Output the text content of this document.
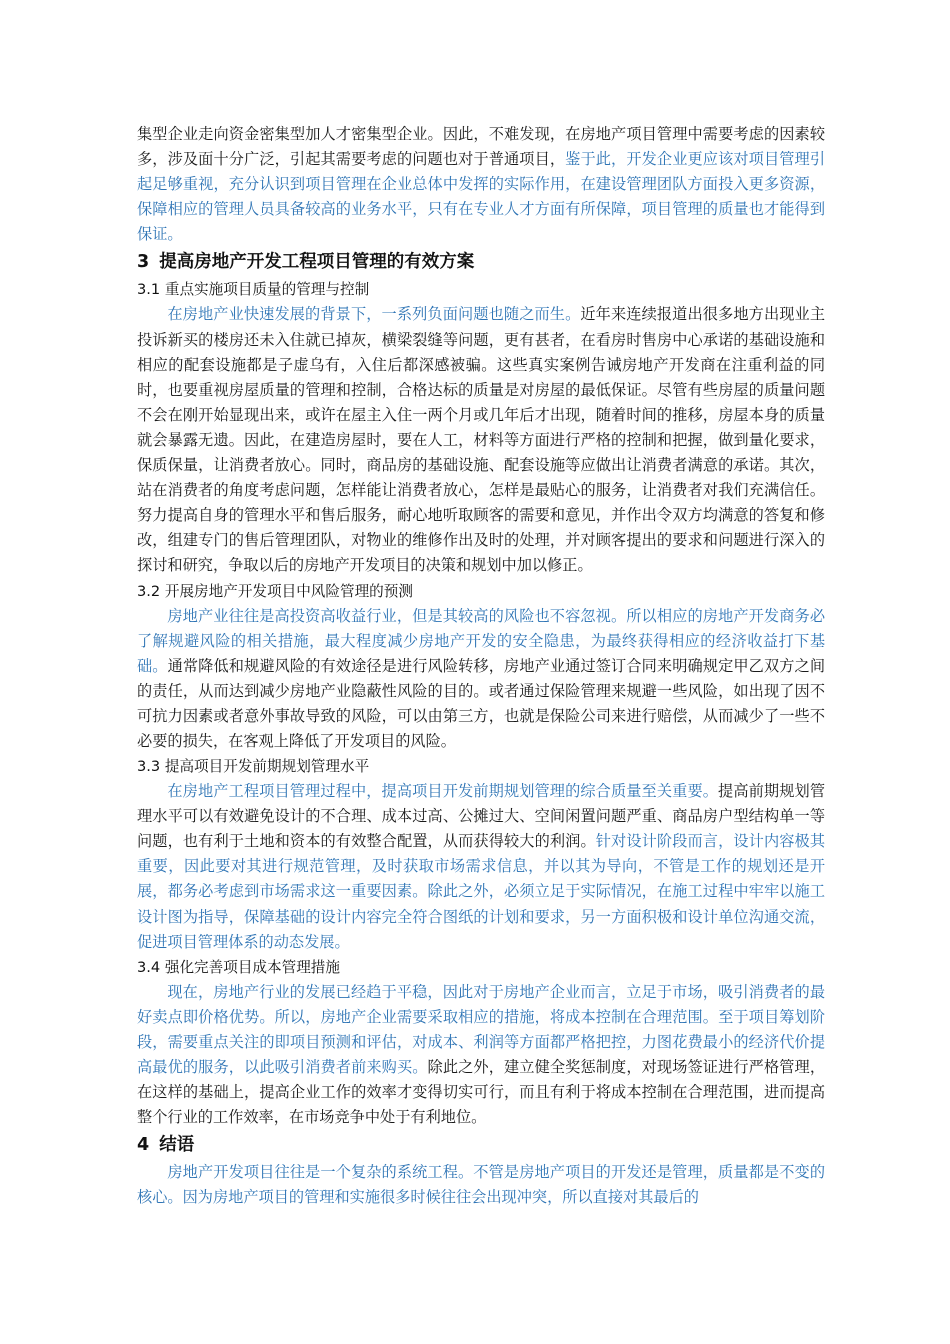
集型企业走向资金密集型加人才密集型企业。因此，不难发现，在房地产项目管理中需要考虑的因素较多，涉及面十分广泛，引起其需要考虑的问题也对于普通项目，鉴于此，开发企业更应该对项目管理引起足够重视，充分认识到项目管理在企业总体中发挥的实际作用，在建设管理团队方面投入更多资源，保障相应的管理人员具备较高的业务水平，只有在专业人才方面有所保障，项目管理的质量也才能得到保证。

3 提高房地产开发工程项目管理的有效方案
3.1 重点实施项目质量的管理与控制

在房地产业快速发展的背景下，一系列负面问题也随之而生。近年来连续报道出很多地方出现业主投诉新买的楼房还未入住就已掉灰，横梁裂缝等问题，更有甚者，在看房时售房中心承诺的基础设施和相应的配套设施都是子虚乌有，入住后都深感被骗。这些真实案例告诫房地产开发商在注重利益的同时，也要重视房屋质量的管理和控制，合格达标的质量是对房屋的最低保证。尽管有些房屋的质量问题不会在刚开始显现出来，或许在屋主入住一两个月或几年后才出现，随着时间的推移，房屋本身的质量就会暴露无遗。因此，在建造房屋时，要在人工，材料等方面进行严格的控制和把握，做到量化要求，保质保量，让消费者放心。同时，商品房的基础设施、配套设施等应做出让消费者满意的承诺。其次，站在消费者的角度考虑问题，怎样能让消费者放心，怎样是最贴心的服务，让消费者对我们充满信任。努力提高自身的管理水平和售后服务，耐心地听取顾客的需要和意见，并作出令双方均满意的答复和修改，组建专门的售后管理团队，对物业的维修作出及时的处理，并对顾客提出的要求和问题进行深入的探讨和研究，争取以后的房地产开发项目的决策和规划中加以修正。

3.2 开展房地产开发项目中风险管理的预测

房地产业往往是高投资高收益行业，但是其较高的风险也不容忽视。所以相应的房地产开发商务必了解规避风险的相关措施，最大程度减少房地产开发的安全隐患，为最终获得相应的经济收益打下基础。通常降低和规避风险的有效途径是进行风险转移，房地产业通过签订合同来明确规定甲乙双方之间的责任，从而达到减少房地产业隐蔽性风险的目的。或者通过保险管理来规避一些风险，如出现了因不可抗力因素或者意外事故导致的风险，可以由第三方，也就是保险公司来进行赔偿，从而减少了一些不必要的损失，在客观上降低了开发项目的风险。

3.3 提高项目开发前期规划管理水平

在房地产工程项目管理过程中，提高项目开发前期规划管理的综合质量至关重要。提高前期规划管理水平可以有效避免设计的不合理、成本过高、公摊过大、空间闲置问题严重、商品房户型结构单一等问题，也有利于土地和资本的有效整合配置，从而获得较大的利润。针对设计阶段而言，设计内容极其重要，因此要对其进行规范管理，及时获取市场需求信息，并以其为导向，不管是工作的规划还是开展，都务必考虑到市场需求这一重要因素。除此之外，必须立足于实际情况，在施工过程中牢牢以施工设计图为指导，保障基础的设计内容完全符合图纸的计划和要求，另一方面积极和设计单位沟通交流，促进项目管理体系的动态发展。

3.4 强化完善项目成本管理措施

现在，房地产行业的发展已经趋于平稳，因此对于房地产企业而言，立足于市场，吸引消费者的最好卖点即价格优势。所以，房地产企业需要采取相应的措施，将成本控制在合理范围。至于项目筹划阶段，需要重点关注的即项目预测和评估，对成本、利润等方面都严格把控，力图花费最小的经济代价提高最优的服务，以此吸引消费者前来购买。除此之外，建立健全奖惩制度，对现场签证进行严格管理，在这样的基础上，提高企业工作的效率才变得切实可行，而且有利于将成本控制在合理范围，进而提高整个行业的工作效率，在市场竞争中处于有利地位。

4 结语

房地产开发项目往往是一个复杂的系统工程。不管是房地产项目的开发还是管理，质量都是不变的核心。因为房地产项目的管理和实施很多时候往往会出现冲突，所以直接对其最后的
